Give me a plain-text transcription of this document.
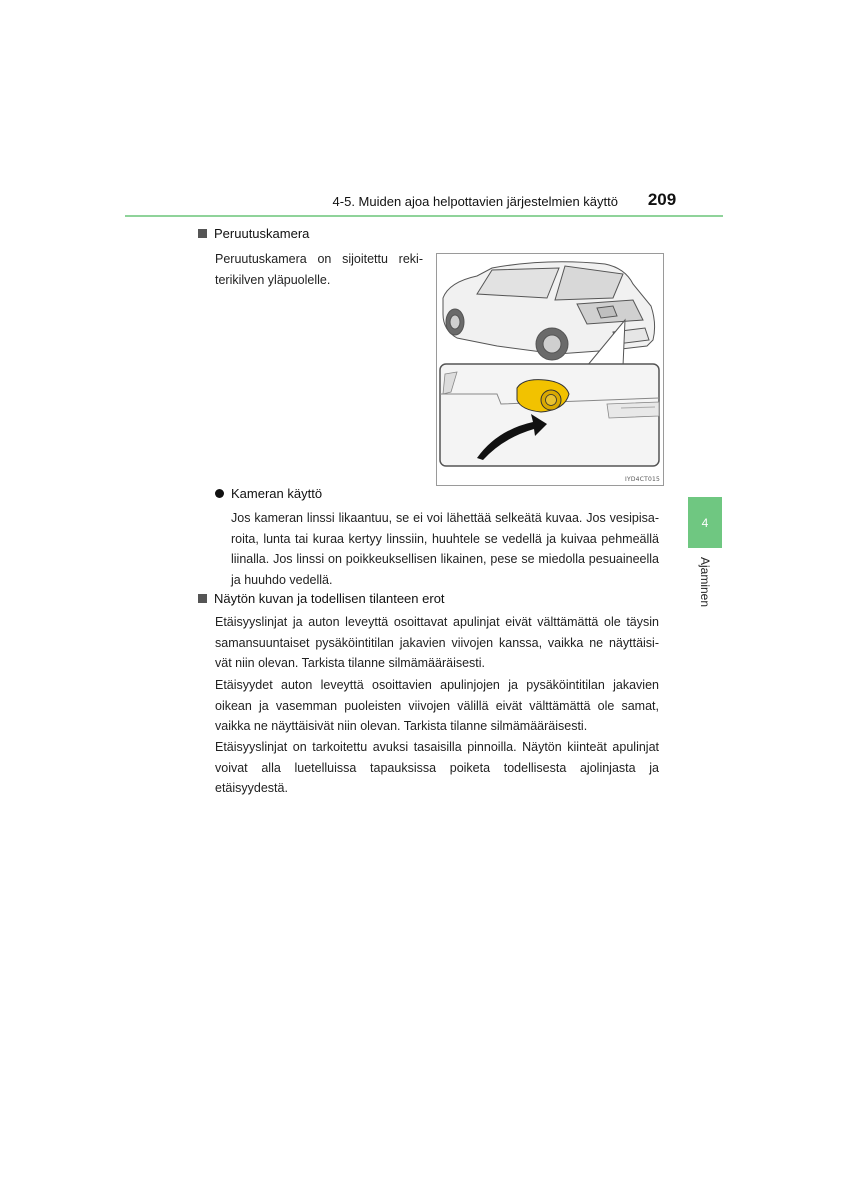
4-5. Muiden ajoa helpottavien järjestelmien käyttö	209
Peruutuskamera
Peruutuskamera on sijoitettu reki-
terikilven yläpuolelle.
IYD4CT015
Kameran käyttö
Jos kameran linssi likaantuu, se ei voi lähettää selkeätä kuvaa. Jos vesipisa-
roita, lunta tai kuraa kertyy linssiin, huuhtele se vedellä ja kuivaa pehmeällä
liinalla. Jos linssi on poikkeuksellisen likainen, pese se miedolla pesuaineella
ja huuhdo vedellä.
Näytön kuvan ja todellisen tilanteen erot
Etäisyyslinjat ja auton leveyttä osoittavat apulinjat eivät välttämättä ole täysin
samansuuntaiset pysäköintitilan jakavien viivojen kanssa, vaikka ne näyttäisi-
vät niin olevan. Tarkista tilanne silmämääräisesti.
Etäisyydet auton leveyttä osoittavien apulinjojen ja pysäköintitilan jakavien
oikean ja vasemman puoleisten viivojen välillä eivät välttämättä ole samat,
vaikka ne näyttäisivät niin olevan. Tarkista tilanne silmämääräisesti.
Etäisyyslinjat on tarkoitettu avuksi tasaisilla pinnoilla. Näytön kiinteät apulinjat
voivat alla luetelluissa tapauksissa poiketa todellisesta ajolinjasta ja etäisyydestä.
4
Ajaminen
